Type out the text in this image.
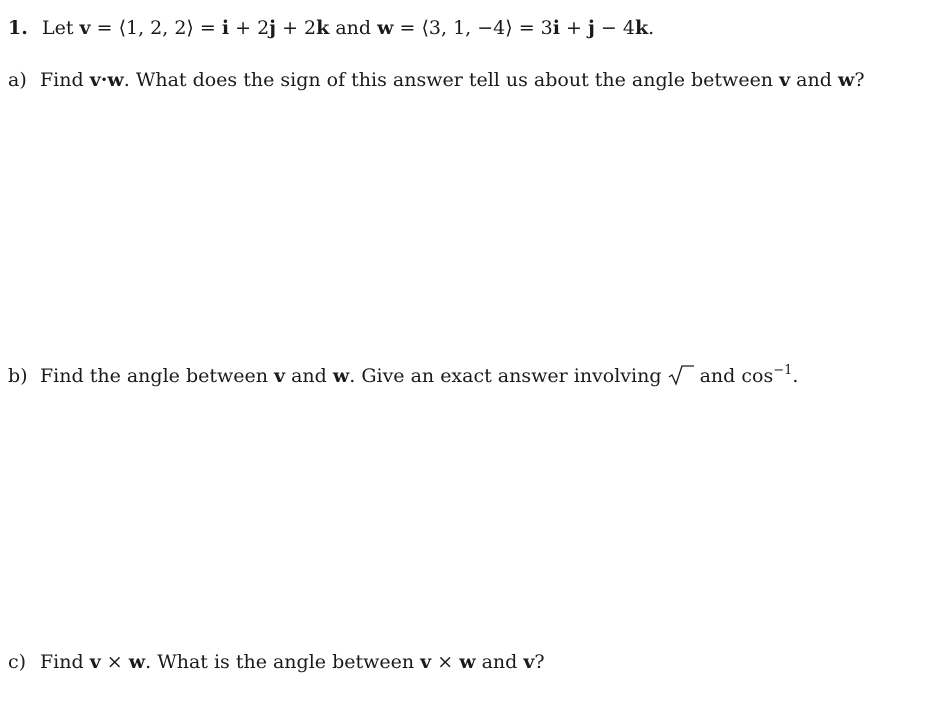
1. Let v = ⟨1, 2, 2⟩ = i + 2j + 2k and w = ⟨3, 1, −4⟩ = 3i + j − 4k.
a) Find v·w. What does the sign of this answer tell us about the angle between v and w?
b) Find the angle between v and w. Give an exact answer involving
and $\cos^{-1}$.
c) Find v × w. What is the angle between v × w and v?
